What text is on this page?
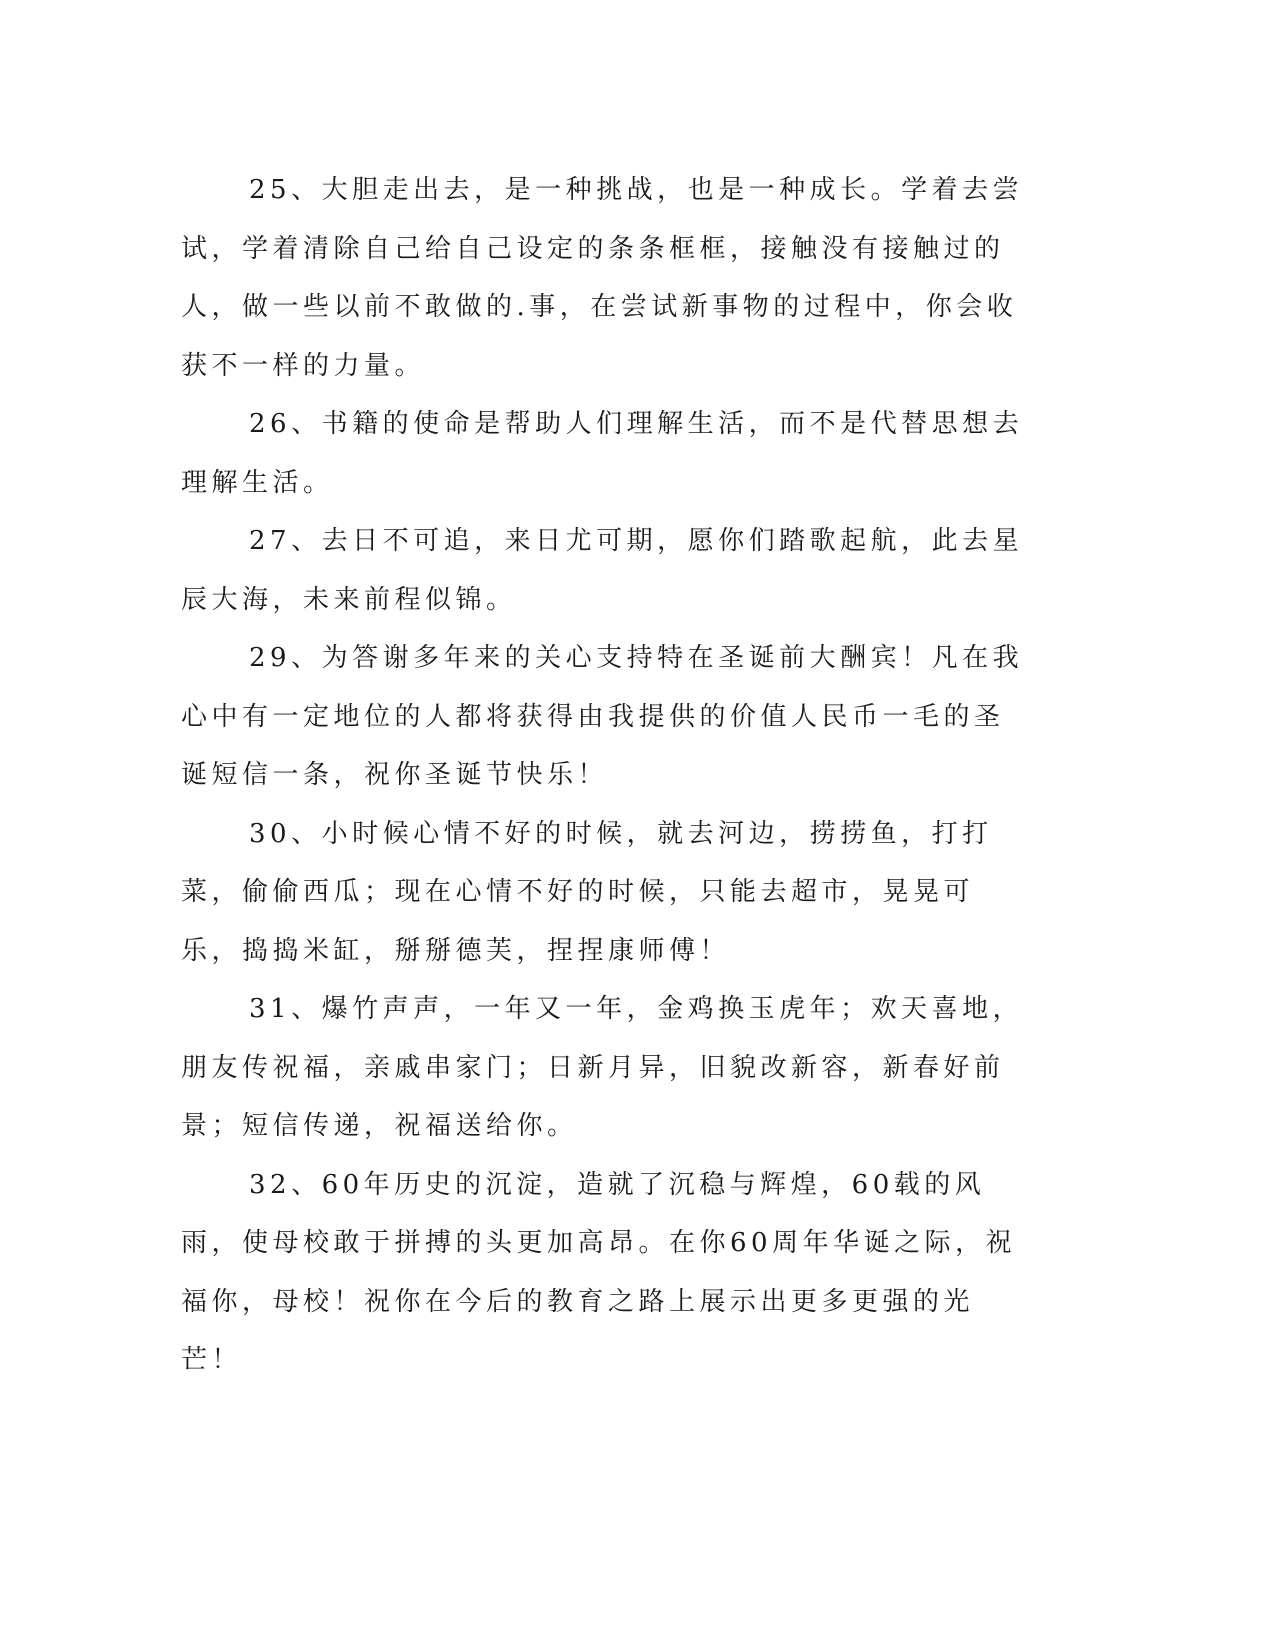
25、大胆走出去，是一种挑战，也是一种成长。学着去尝试，学着清除自己给自己设定的条条框框，接触没有接触过的人，做一些以前不敢做的.事，在尝试新事物的过程中，你会收获不一样的力量。

26、书籍的使命是帮助人们理解生活，而不是代替思想去理解生活。

27、去日不可追，来日尤可期，愿你们踏歌起航，此去星辰大海，未来前程似锦。

29、为答谢多年来的关心支持特在圣诞前大酬宾！凡在我心中有一定地位的人都将获得由我提供的价值人民币一毛的圣诞短信一条，祝你圣诞节快乐！

30、小时候心情不好的时候，就去河边，捞捞鱼，打打菜，偷偷西瓜；现在心情不好的时候，只能去超市，晃晃可乐，捣捣米缸，掰掰德芙，捏捏康师傅！

31、爆竹声声，一年又一年，金鸡换玉虎年；欢天喜地，朋友传祝福，亲戚串家门；日新月异，旧貌改新容，新春好前景；短信传递，祝福送给你。

32、60年历史的沉淀，造就了沉稳与辉煌，60载的风雨，使母校敢于拼搏的头更加高昂。在你60周年华诞之际，祝福你，母校！祝你在今后的教育之路上展示出更多更强的光芒！
